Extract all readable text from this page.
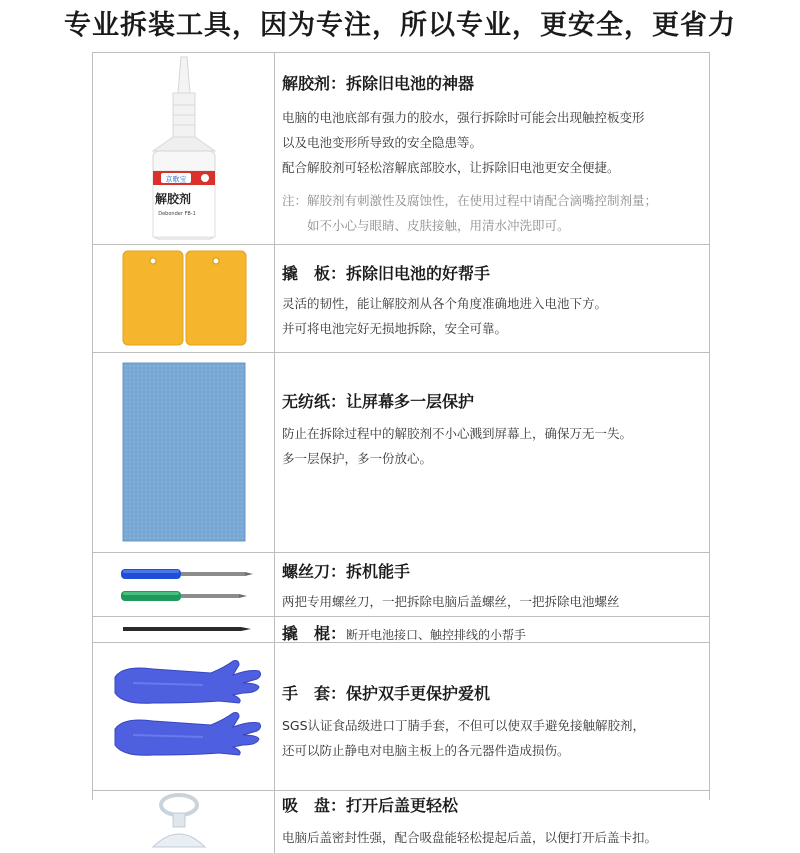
专业拆装工具，因为专注，所以专业，更安全，更省力
京歌宝
解胶剂
Debonder FB-1
解胶剂：拆除旧电池的神器
电脑的电池底部有强力的胶水，强行拆除时可能会出现触控板变形
以及电池变形所导致的安全隐患等。
配合解胶剂可轻松溶解底部胶水，让拆除旧电池更安全便捷。
注：解胶剂有刺激性及腐蚀性，在使用过程中请配合滴嘴控制剂量；
　　如不小心与眼睛、皮肤接触，用清水冲洗即可。
撬　板：拆除旧电池的好帮手
灵活的韧性，能让解胶剂从各个角度准确地进入电池下方。
并可将电池完好无损地拆除，安全可靠。
无纺纸：让屏幕多一层保护
防止在拆除过程中的解胶剂不小心溅到屏幕上，确保万无一失。
多一层保护，多一份放心。
螺丝刀：拆机能手
两把专用螺丝刀，一把拆除电脑后盖螺丝，一把拆除电池螺丝
撬　棍：断开电池接口、触控排线的小帮手
手　套：保护双手更保护爱机
SGS认证食品级进口丁腈手套，不但可以使双手避免接触解胶剂，
还可以防止静电对电脑主板上的各元器件造成损伤。
吸　盘：打开后盖更轻松
电脑后盖密封性强，配合吸盘能轻松提起后盖，以便打开后盖卡扣。
